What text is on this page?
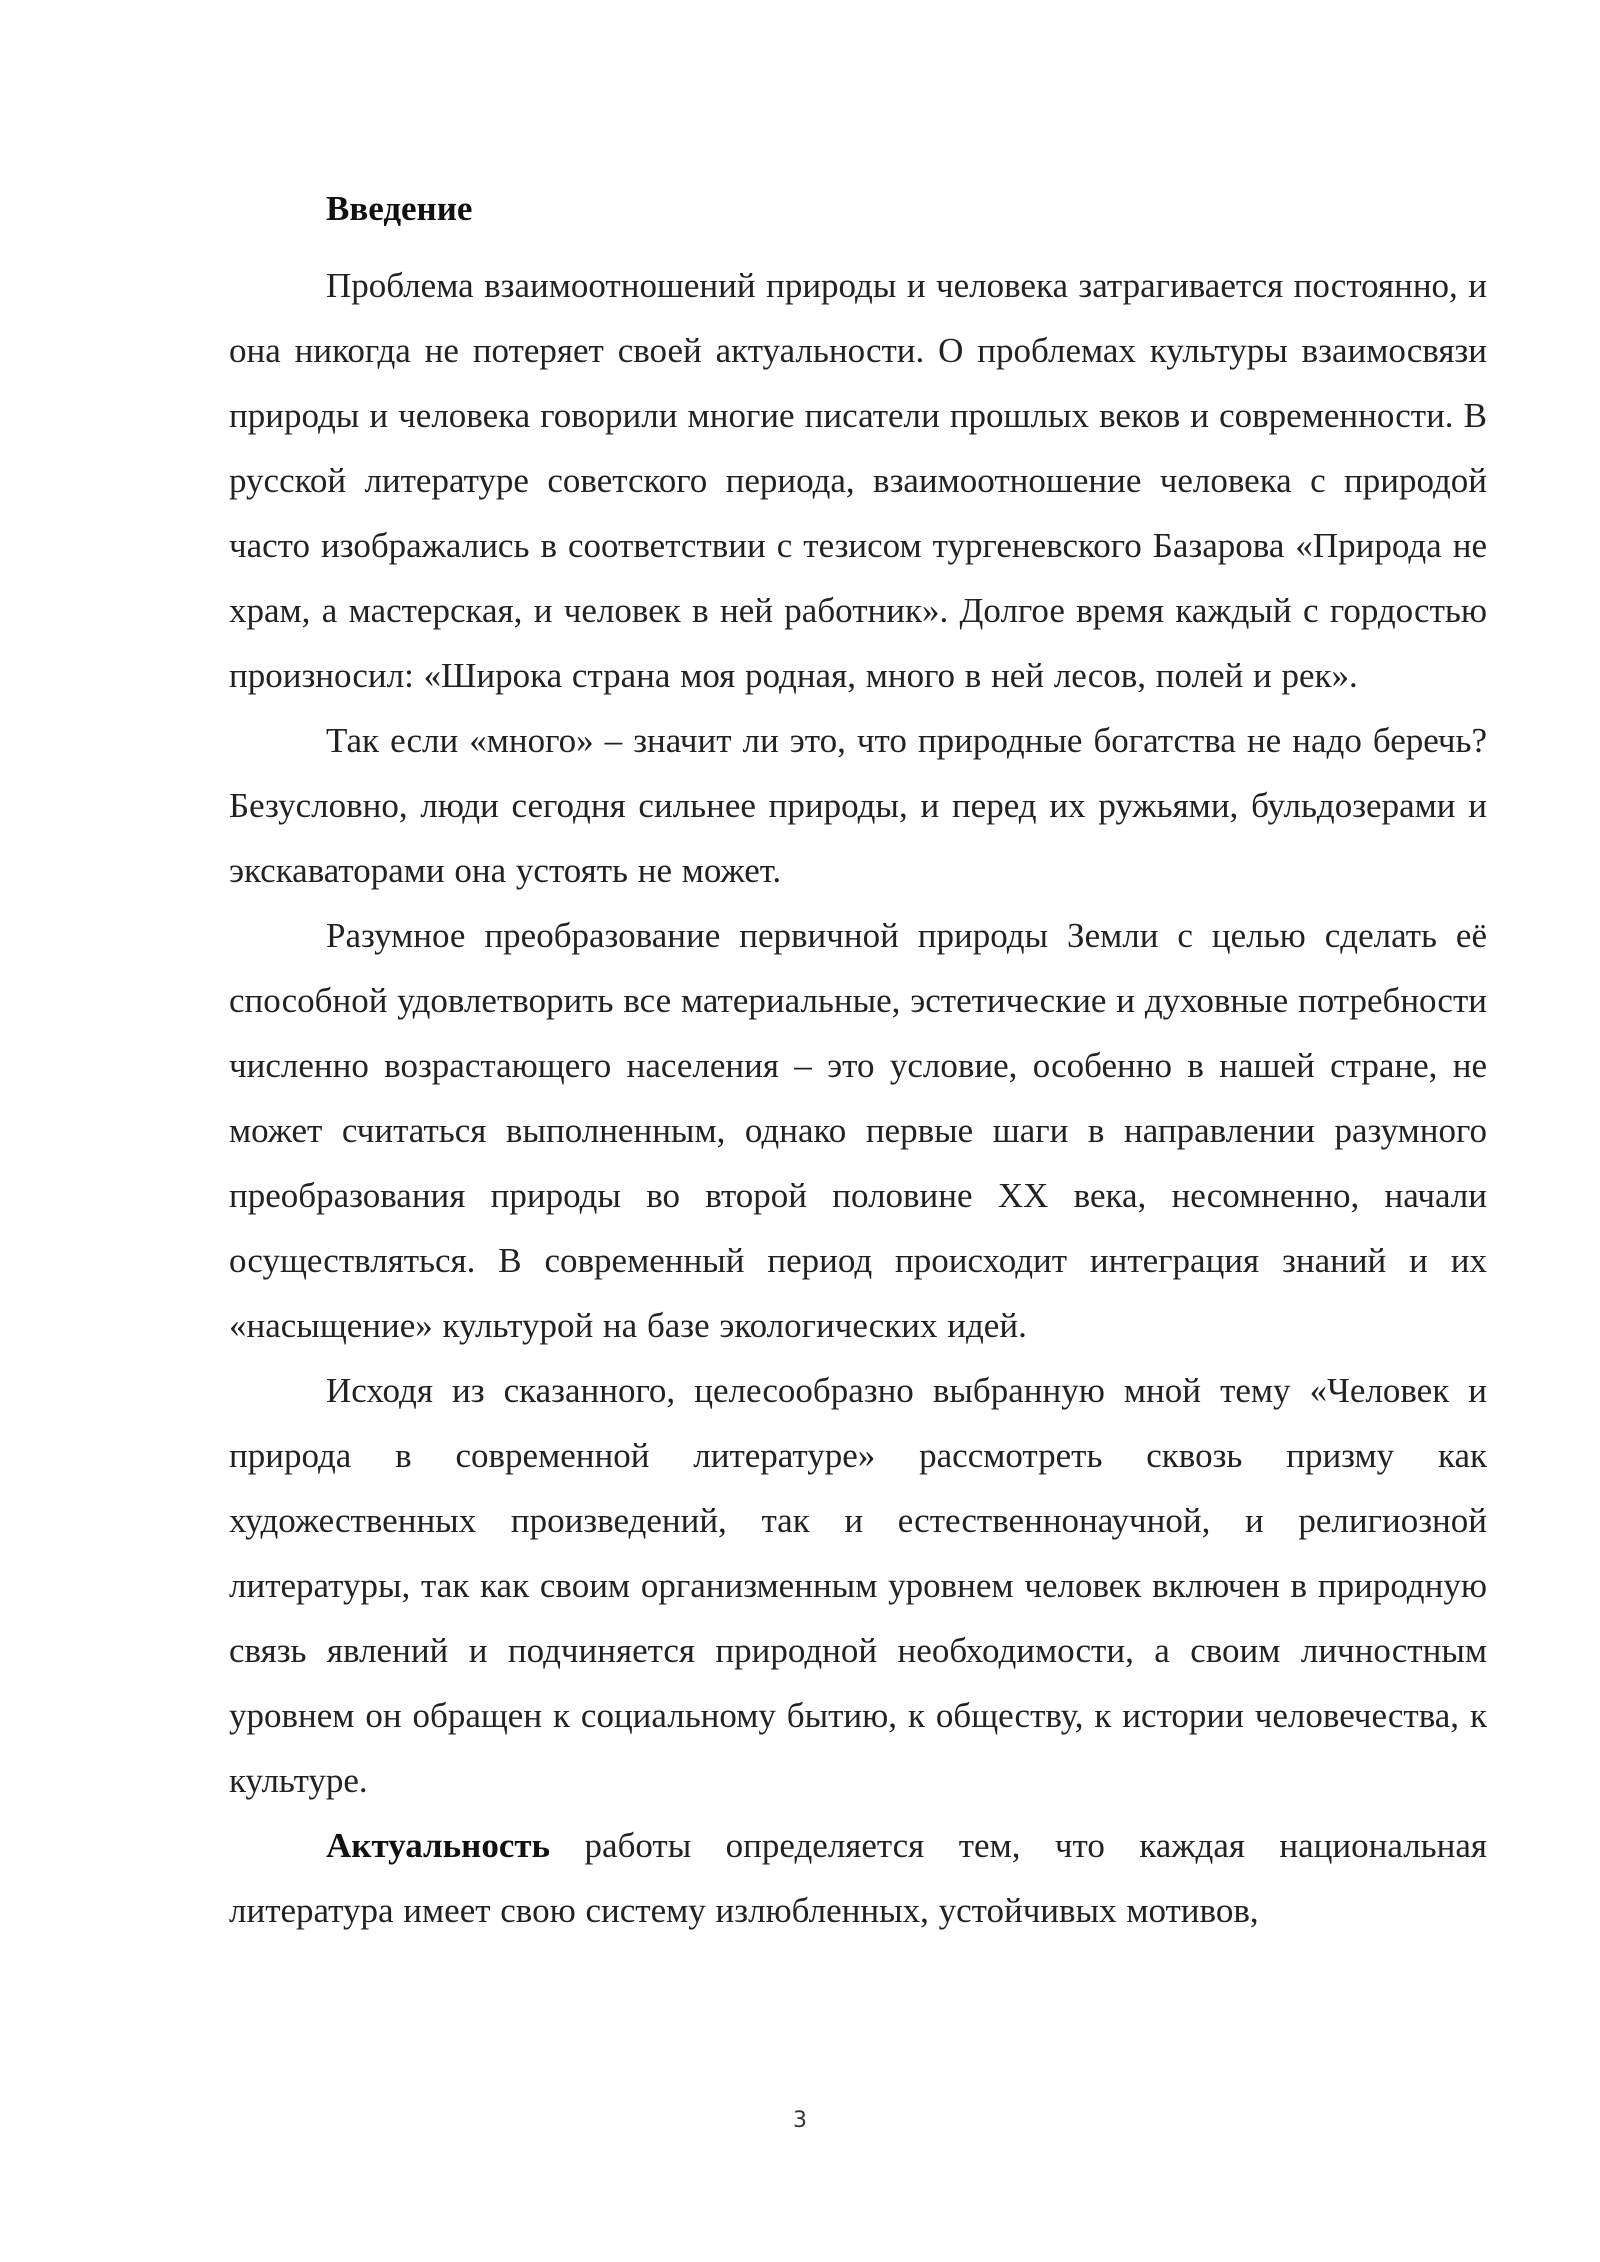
Введение

Проблема взаимоотношений природы и человека затрагивается постоянно, и она никогда не потеряет своей актуальности. О проблемах культуры взаимосвязи природы и человека говорили многие писатели прошлых веков и современности. В русской литературе советского периода, взаимоотношение человека с природой часто изображались в соответствии с тезисом тургеневского Базарова «Природа не храм, а мастерская, и человек в ней работник». Долгое время каждый с гордостью произносил: «Широка страна моя родная, много в ней лесов, полей и рек».

Так если «много» – значит ли это, что природные богатства не надо беречь? Безусловно, люди сегодня сильнее природы, и перед их ружьями, бульдозерами и экскаваторами она устоять не может.

Разумное преобразование первичной природы Земли с целью сделать её способной удовлетворить все материальные, эстетические и духовные потребности численно возрастающего населения – это условие, особенно в нашей стране, не может считаться выполненным, однако первые шаги в направлении разумного преобразования природы во второй половине XX века, несомненно, начали осуществляться. В современный период происходит интеграция знаний и их «насыщение» культурой на базе экологических идей.

Исходя из сказанного, целесообразно выбранную мной тему «Человек и природа в современной литературе» рассмотреть сквозь призму как художественных произведений, так и естественнонаучной, и религиозной литературы, так как своим организменным уровнем человек включен в природную связь явлений и подчиняется природной необходимости, а своим личностным уровнем он обращен к социальному бытию, к обществу, к истории человечества, к культуре.

Актуальность работы определяется тем, что каждая национальная литература имеет свою систему излюбленных, устойчивых мотивов,

3
